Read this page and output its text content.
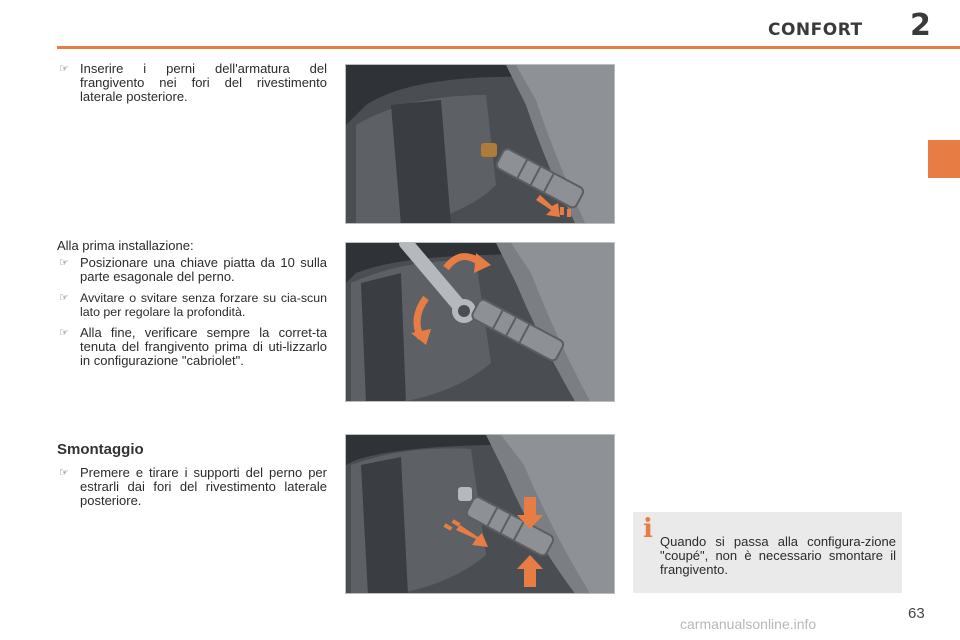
CONFORT 2
☞ Inserire i perni dell'armatura del frangivento nei fori del rivestimento laterale posteriore.
Alla prima installazione:
☞ Posizionare una chiave piatta da 10 sulla parte esagonale del perno.
☞ Avvitare o svitare senza forzare su cia-scun lato per regolare la profondità.
☞ Alla fine, verificare sempre la corret-ta tenuta del frangivento prima di uti-lizzarlo in configurazione "cabriolet".
Smontaggio
☞ Premere e tirare i supporti del perno per estrarli dai fori del rivestimento laterale posteriore.
i Quando si passa alla configura-zione "coupé", non è necessario smontare il frangivento.
63
carmanualsonline.info
